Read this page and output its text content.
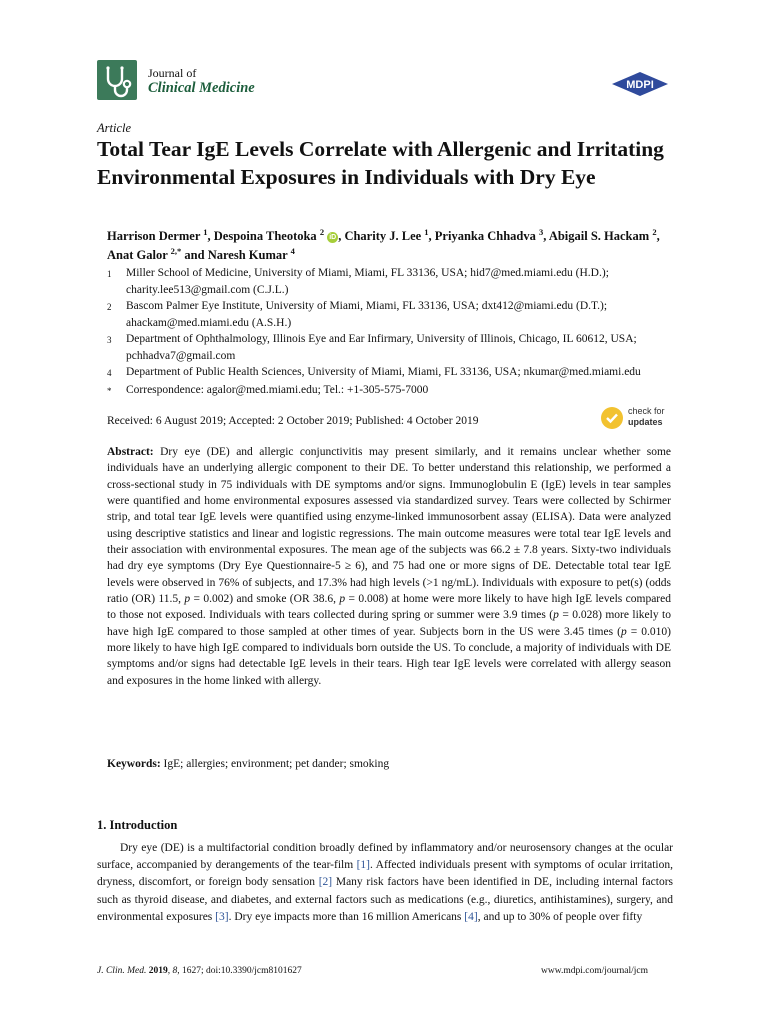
Journal of
Clinical Medicine	MDPI
Article
Total Tear IgE Levels Correlate with Allergenic and Irritating Environmental Exposures in Individuals with Dry Eye
Harrison Dermer $^1$, Despoina Theotoka $^2$ iD , Charity J. Lee $^1$, Priyanka Chhadva $^3$, Abigail S. Hackam $^2$, Anat Galor $^{2,*}$ and Naresh Kumar $^4$
1	Miller School of Medicine, University of Miami, Miami, FL 33136, USA; hid7@med.miami.edu (H.D.); charity.lee513@gmail.com (C.J.L.)
2	Bascom Palmer Eye Institute, University of Miami, Miami, FL 33136, USA; dxt412@miami.edu (D.T.); ahackam@med.miami.edu (A.S.H.)
3	Department of Ophthalmology, Illinois Eye and Ear Infirmary, University of Illinois, Chicago, IL 60612, USA; pchhadva7@gmail.com
4	Department of Public Health Sciences, University of Miami, Miami, FL 33136, USA; nkumar@med.miami.edu
*	Correspondence: agalor@med.miami.edu; Tel.: +1-305-575-7000
Received: 6 August 2019; Accepted: 2 October 2019; Published: 4 October 2019
check for
updates
Abstract: Dry eye (DE) and allergic conjunctivitis may present similarly, and it remains unclear whether some individuals have an underlying allergic component to their DE. To better understand this relationship, we performed a cross-sectional study in 75 individuals with DE symptoms and/or signs. Immunoglobulin E (IgE) levels in tear samples were quantified and home environmental exposures assessed via standardized survey. Tears were collected by Schirmer strip, and total tear IgE levels were quantified using enzyme-linked immunosorbent assay (ELISA). Data were analyzed using descriptive statistics and linear and logistic regressions. The main outcome measures were total tear IgE levels and their association with environmental exposures. The mean age of the subjects was 66.2 ± 7.8 years. Sixty-two individuals had dry eye symptoms (Dry Eye Questionnaire-5 ≥ 6), and 75 had one or more signs of DE. Detectable total tear IgE levels were observed in 76% of subjects, and 17.3% had high levels (>1 ng/mL). Individuals with exposure to pet(s) (odds ratio (OR) 11.5, p = 0.002) and smoke (OR 38.6, p = 0.008) at home were more likely to have high IgE levels compared to those not exposed. Individuals with tears collected during spring or summer were 3.9 times (p = 0.028) more likely to have high IgE compared to those sampled at other times of year. Subjects born in the US were 3.45 times (p = 0.010) more likely to have high IgE compared to individuals born outside the US. To conclude, a majority of individuals with DE symptoms and/or signs had detectable IgE levels in their tears. High tear IgE levels were correlated with allergy season and exposures in the home linked with allergy.
Keywords: IgE; allergies; environment; pet dander; smoking
1. Introduction
Dry eye (DE) is a multifactorial condition broadly defined by inflammatory and/or neurosensory changes at the ocular surface, accompanied by derangements of the tear-film [1]. Affected individuals present with symptoms of ocular irritation, dryness, discomfort, or foreign body sensation [2] Many risk factors have been identified in DE, including internal factors such as thyroid disease, and diabetes, and external factors such as medications (e.g., diuretics, antihistamines), surgery, and environmental exposures [3]. Dry eye impacts more than 16 million Americans [4], and up to 30% of people over fifty
J. Clin. Med. 2019, 8, 1627; doi:10.3390/jcm8101627	www.mdpi.com/journal/jcm
